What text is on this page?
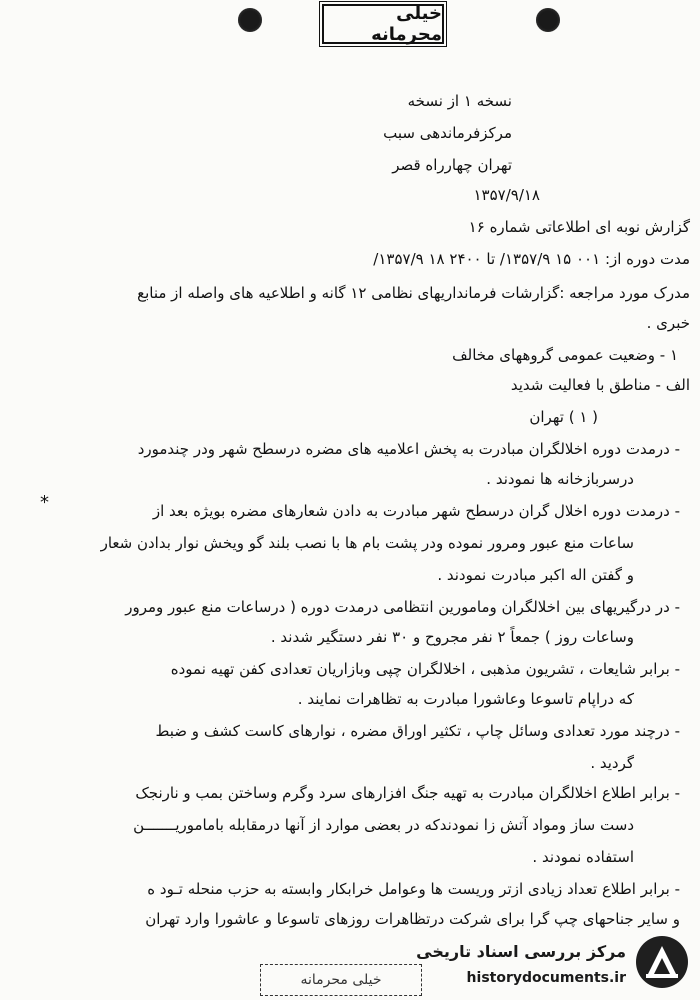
خیلی محرمانه
نسخه ۱ از نسخه
مرکزفرماندهی سبب
تهران چهارراه قصر
۱۳۵۷/۹/۱۸
گزارش نوبه ای اطلاعاتی شماره ۱۶
مدت دوره از: ۰۰۱ ۱۵ ۱۳۵۷/۹/ تا ۲۴۰۰ ۱۸ ۱۳۵۷/۹/
مدرک مورد مراجعه :گزارشات فرمانداریهای نظامی ۱۲ گانه و اطلاعیه های واصله از منابع
خبری .
۱ - وضعیت عمومی گروههای مخالف
الف - مناطق با فعالیت شدید
( ۱ ) تهران
- درمدت دوره اخلالگران مبادرت به پخش اعلامیه های مضره درسطح شهر ودر چندمورد
درسربازخانه ها نمودند .
*	- درمدت دوره اخلال گران درسطح شهر مبادرت به دادن شعارهای مضره بویژه بعد از
ساعات منع عبور ومرور نموده ودر پشت بام ها با نصب بلند گو ویخش نوار بدادن شعار
و گفتن اله اکبر مبادرت نمودند .
- در درگیریهای بین اخلالگران ومامورین انتظامی درمدت دوره ( درساعات منع عبور ومرور
وساعات روز ) جمعاً ۲ نفر مجروح و ۳۰ نفر دستگیر شدند .
- برابر شایعات ، تشریون مذهبی ، اخلالگران چپی وبازاریان تعدادی کفن تهیه نموده
که دراپام تاسوعا وعاشورا مبادرت به تظاهرات نمایند .
- درچند مورد تعدادی وسائل چاپ ، تکثیر اوراق مضره ، نوارهای کاست کشف و ضبط
گردید .
- برابر اطلاع اخلالگران مبادرت به تهیه جنگ افزارهای سرد وگرم وساختن بمب و نارنجک
دست ساز ومواد آتش زا نمودندکه در بعضی موارد از آنها درمقابله باماموریـــــــن
استفاده نمودند .
- برابر اطلاع تعداد زیادی ازتر وریست ها وعوامل خرابکار وابسته به حزب منحله تـود ه
و سایر جناحهای چپ گرا برای شرکت درتظاهرات روزهای تاسوعا و عاشورا وارد تهران
خیلی محرمانه
مرکز بررسی اسناد تاریخی
historydocuments.ir
